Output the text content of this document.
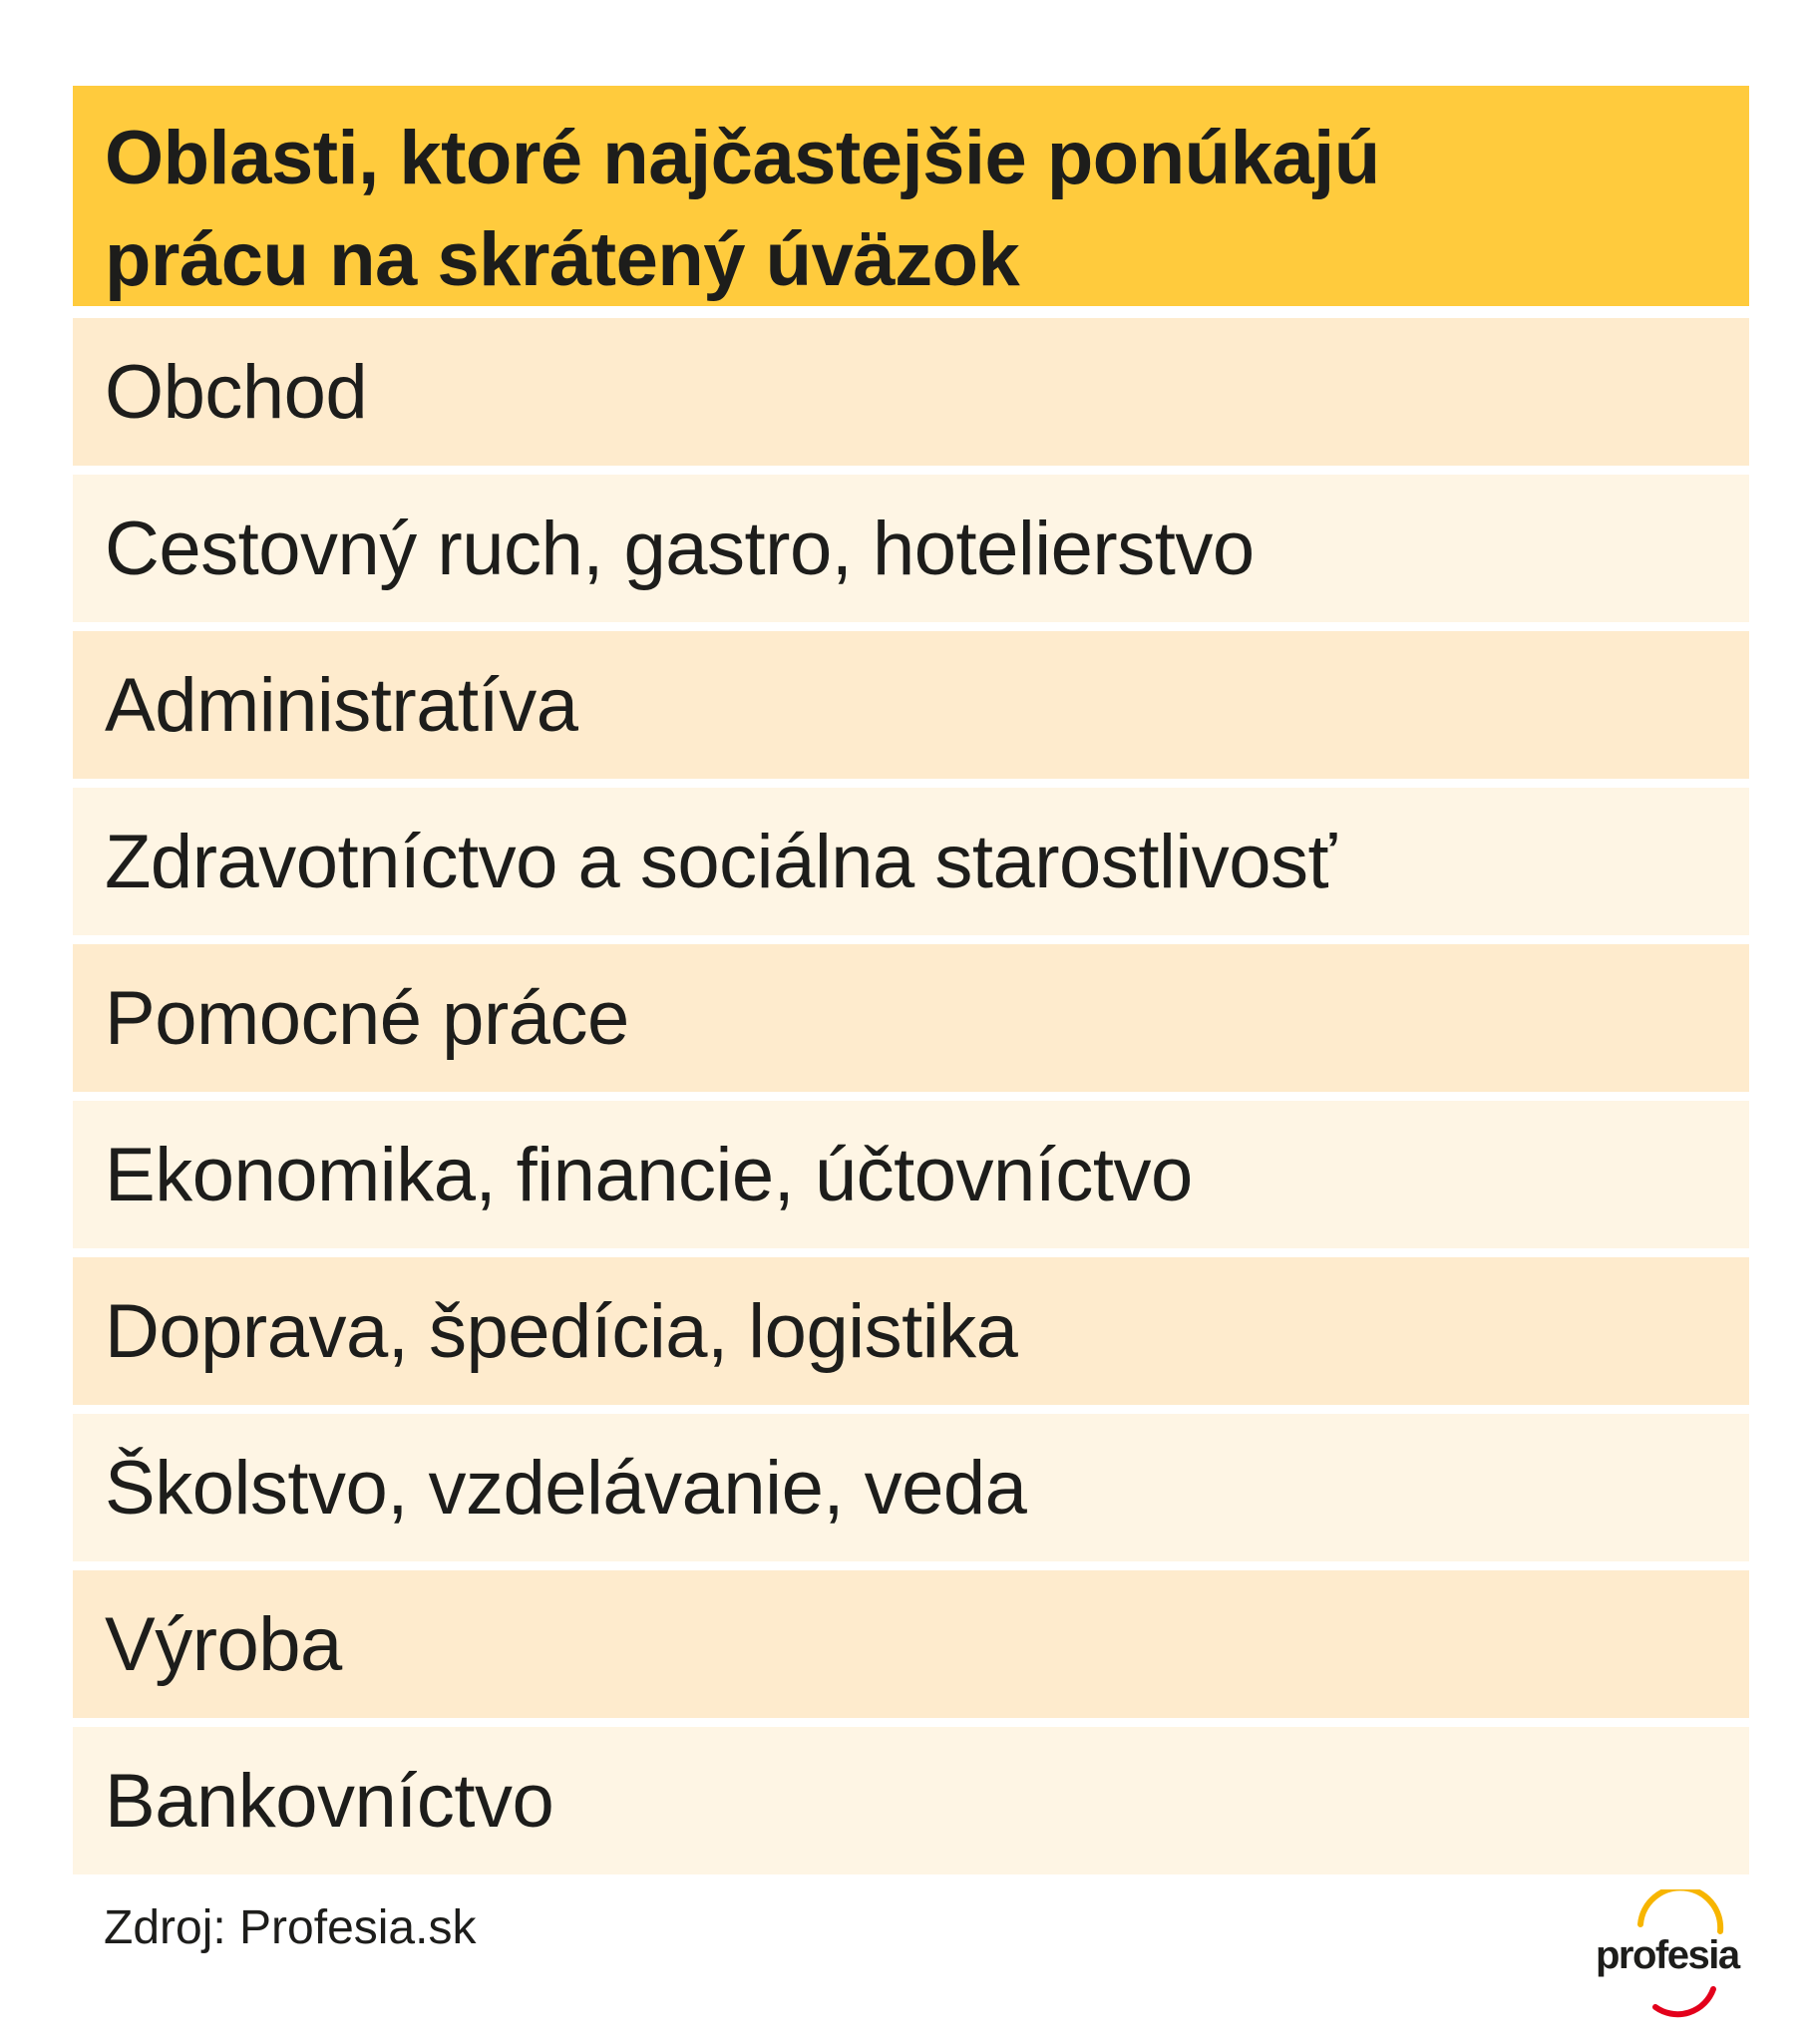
Oblasti, ktoré najčastejšie ponúkajú
prácu na skrátený úväzok
Obchod
Cestovný ruch, gastro, hotelierstvo
Administratíva
Zdravotníctvo a sociálna starostlivosť
Pomocné práce
Ekonomika, financie, účtovníctvo
Doprava, špedícia, logistika
Školstvo, vzdelávanie, veda
Výroba
Bankovníctvo
Zdroj: Profesia.sk
profesia
